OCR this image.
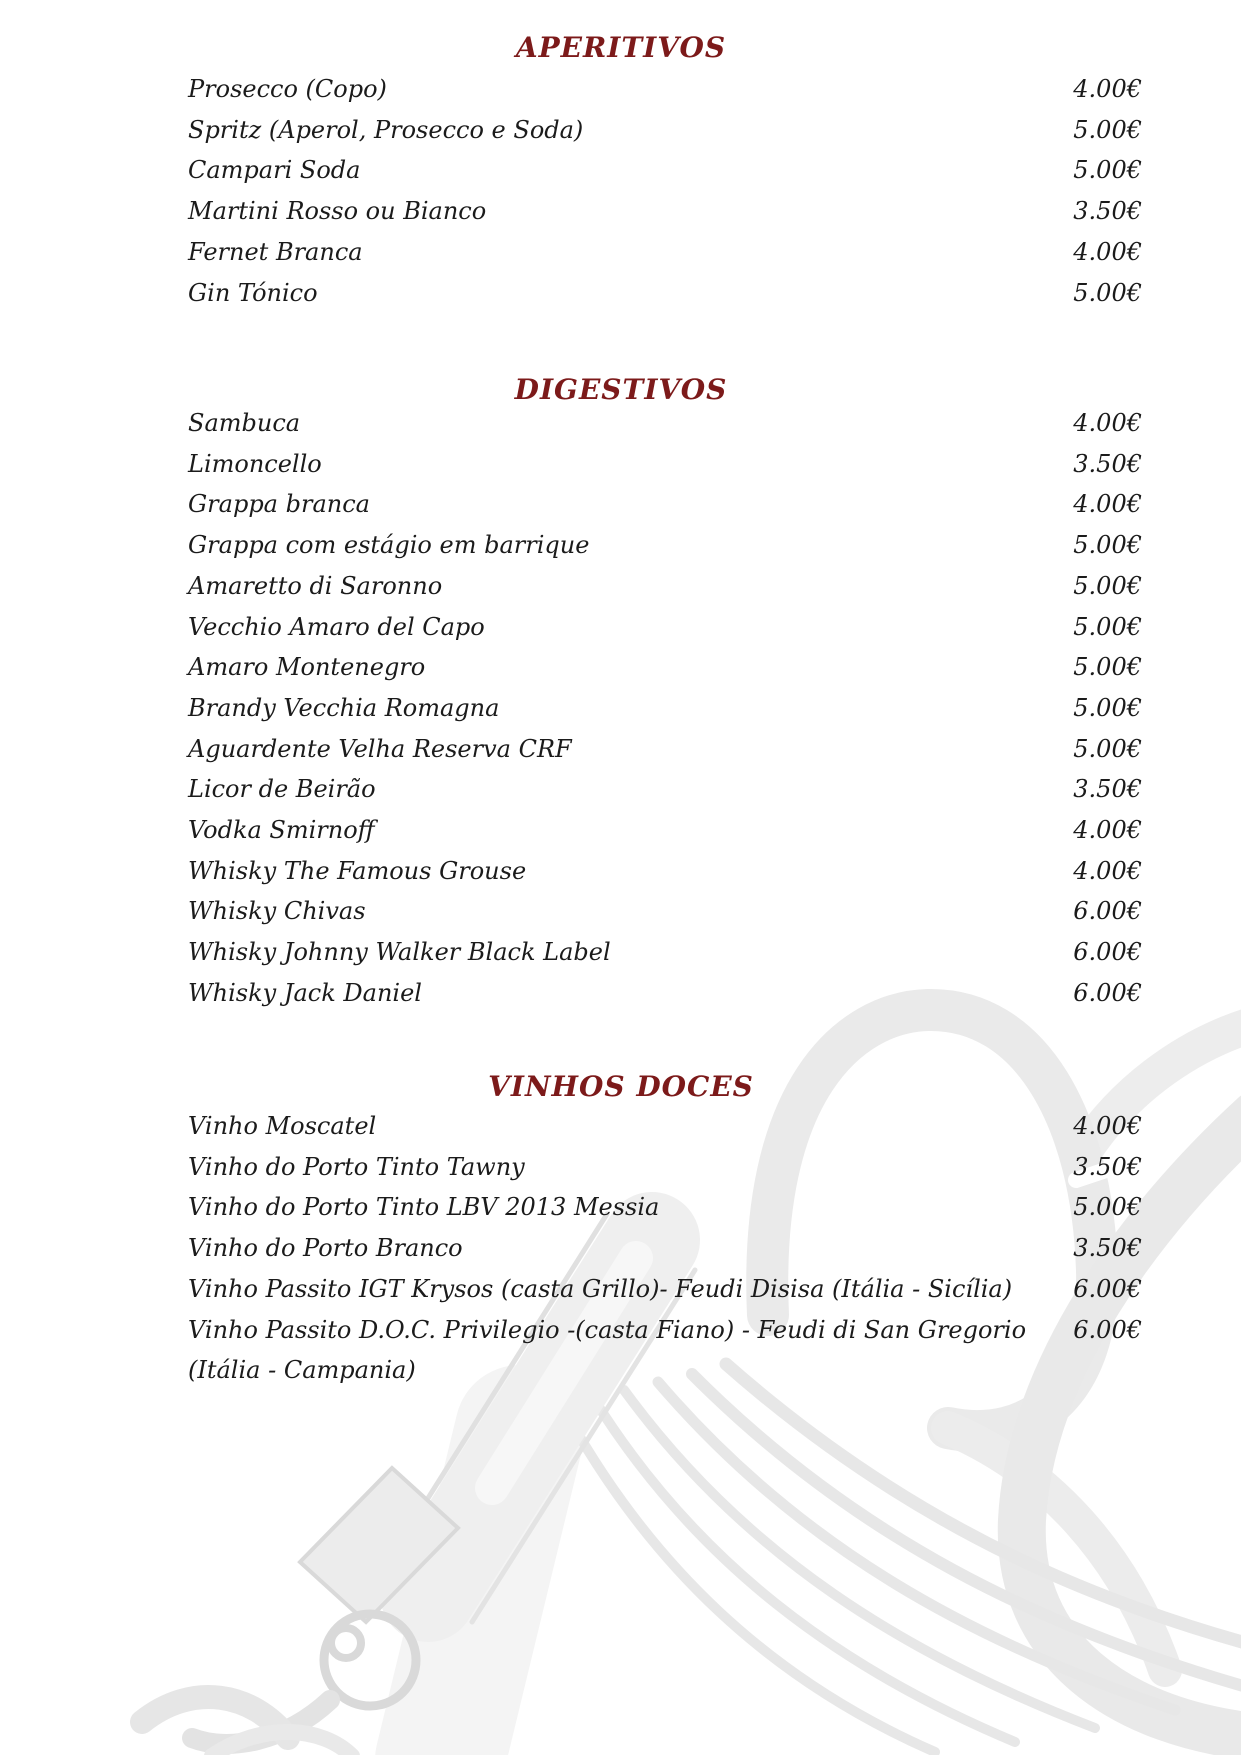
APERITIVOS
Prosecco (Copo)	4.00€
Spritz (Aperol, Prosecco e Soda)	5.00€
Campari Soda	5.00€
Martini Rosso ou Bianco	3.50€
Fernet Branca	4.00€
Gin Tónico	5.00€
DIGESTIVOS
Sambuca	4.00€
Limoncello	3.50€
Grappa branca	4.00€
Grappa com estágio em barrique	5.00€
Amaretto di Saronno	5.00€
Vecchio Amaro del Capo	5.00€
Amaro Montenegro	5.00€
Brandy Vecchia Romagna	5.00€
Aguardente Velha Reserva CRF	5.00€
Licor de Beirão	3.50€
Vodka Smirnoff	4.00€
Whisky The Famous Grouse	4.00€
Whisky Chivas	6.00€
Whisky Johnny Walker Black Label	6.00€
Whisky Jack Daniel	6.00€
VINHOS DOCES
Vinho Moscatel	4.00€
Vinho do Porto Tinto Tawny	3.50€
Vinho do Porto Tinto LBV 2013 Messia	5.00€
Vinho do Porto Branco	3.50€
Vinho Passito IGT Krysos (casta Grillo)- Feudi Disisa (Itália - Sicília)	6.00€
Vinho Passito D.O.C. Privilegio -(casta Fiano) - Feudi di San Gregorio	6.00€
(Itália - Campania)
